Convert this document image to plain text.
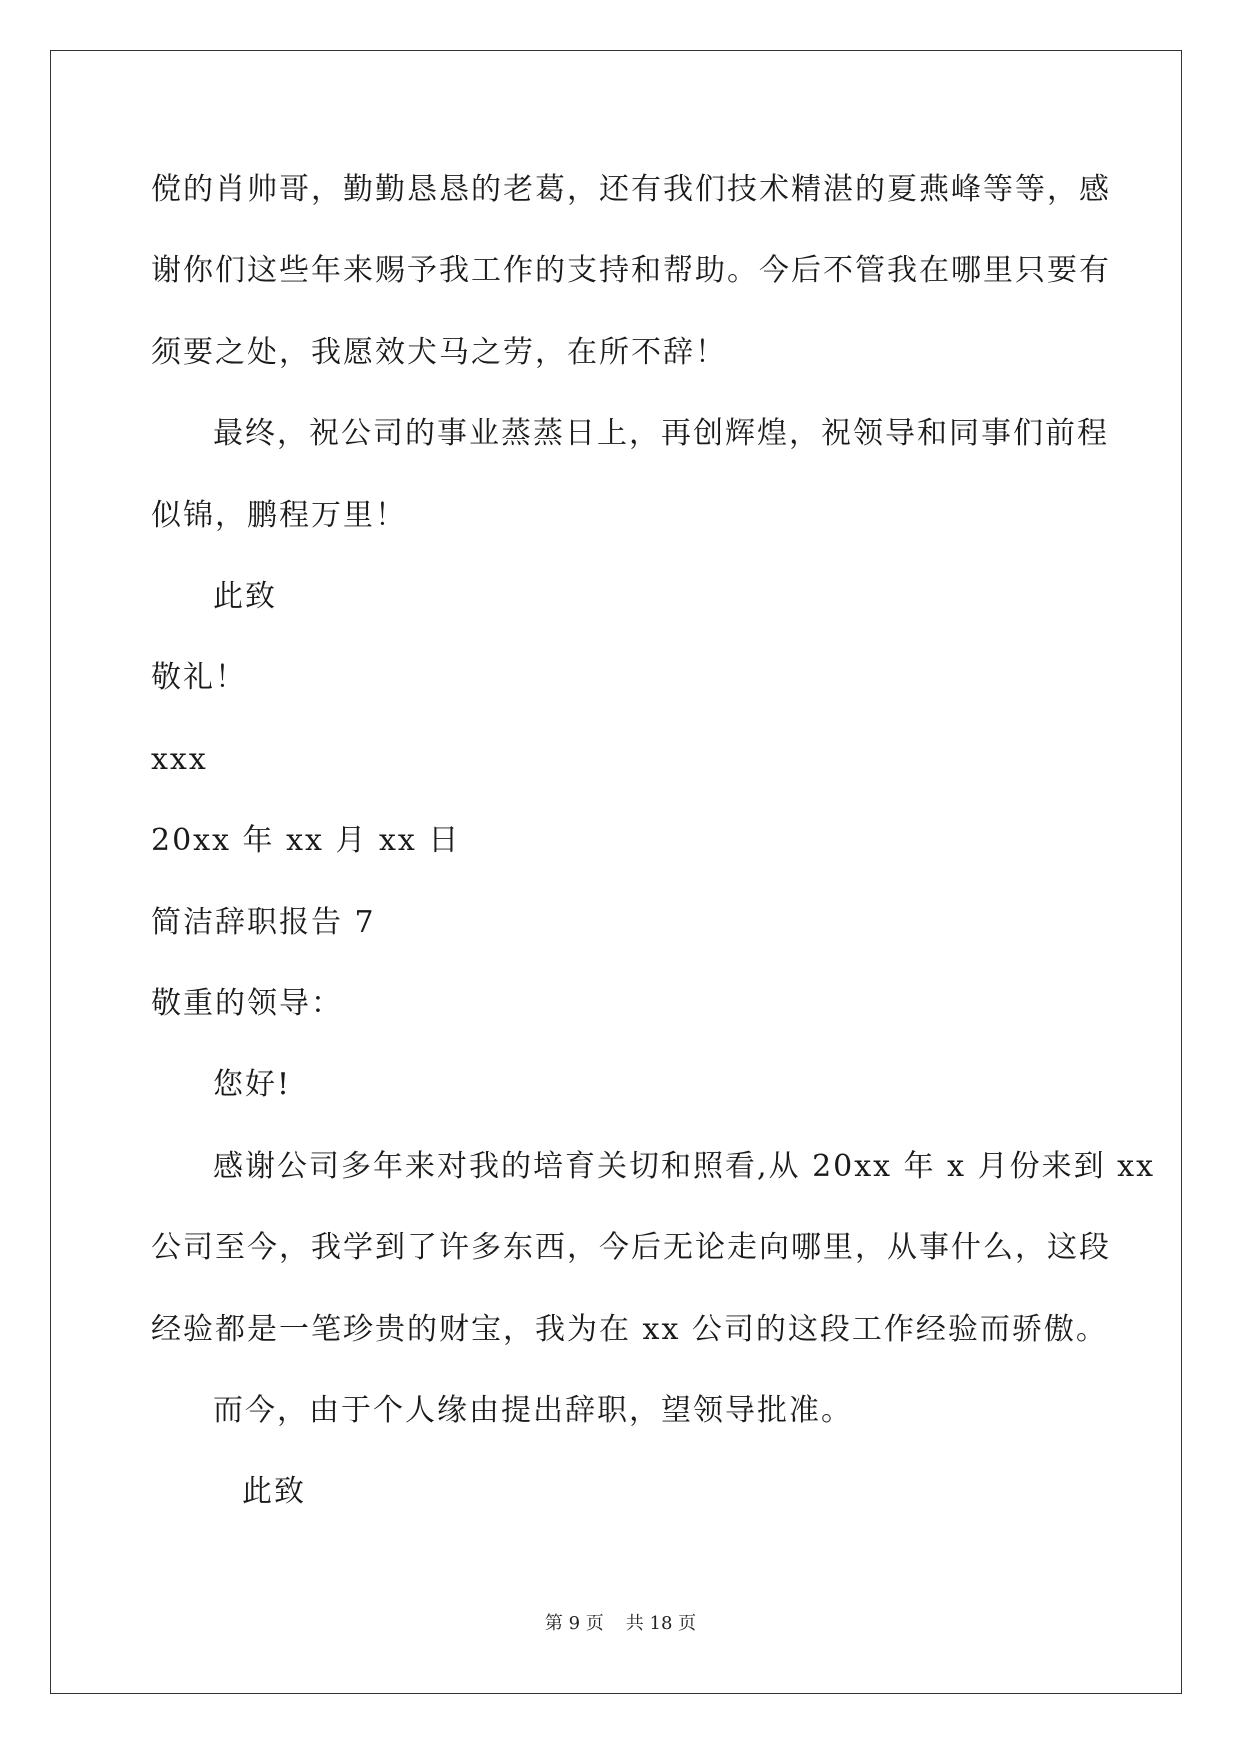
傥的肖帅哥，勤勤恳恳的老葛，还有我们技术精湛的夏燕峰等等，感
谢你们这些年来赐予我工作的支持和帮助。今后不管我在哪里只要有
须要之处，我愿效犬马之劳，在所不辞！
最终，祝公司的事业蒸蒸日上，再创辉煌，祝领导和同事们前程
似锦，鹏程万里！
此致
敬礼！
xxx
20xx 年 xx 月 xx 日
简洁辞职报告 7
敬重的领导：
您好!
感谢公司多年来对我的培育关切和照看,从 20xx 年 x 月份来到 xx
公司至今，我学到了许多东西，今后无论走向哪里，从事什么，这段
经验都是一笔珍贵的财宝，我为在 xx 公司的这段工作经验而骄傲。
而今，由于个人缘由提出辞职，望领导批准。
此致
第 9 页 共 18 页
